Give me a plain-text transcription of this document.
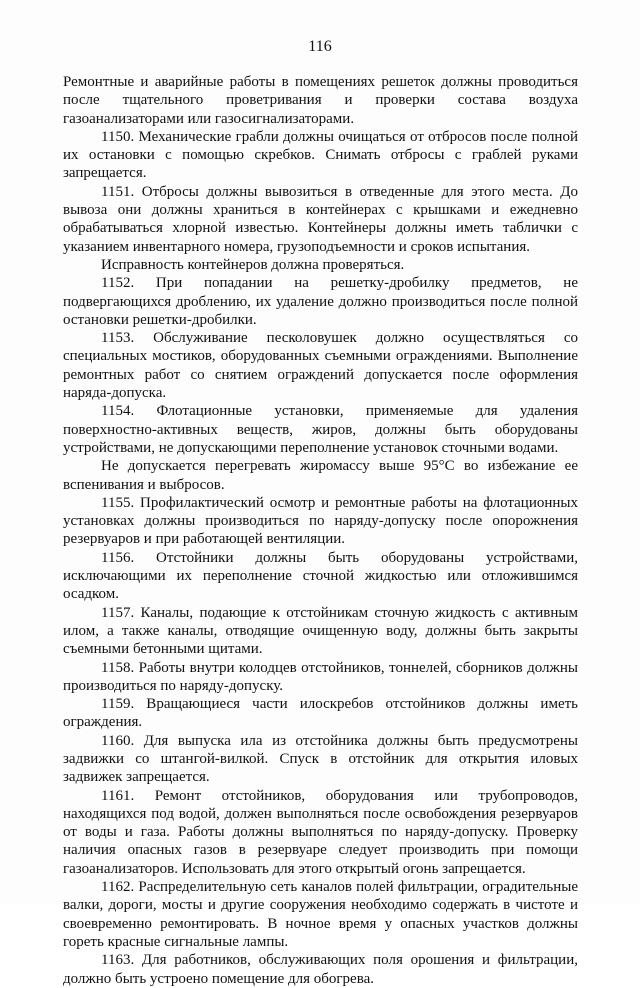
116

Ремонтные и аварийные работы в помещениях решеток должны проводиться после тщательного проветривания и проверки состава воздуха газоанализаторами или газосигнализаторами.

1150. Механические грабли должны очищаться от отбросов после полной их остановки с помощью скребков. Снимать отбросы с граблей руками запрещается.

1151. Отбросы должны вывозиться в отведенные для этого места. До вывоза они должны храниться в контейнерах с крышками и ежедневно обрабатываться хлорной известью. Контейнеры должны иметь таблички с указанием инвентарного номера, грузоподъемности и сроков испытания.

Исправность контейнеров должна проверяться.

1152. При попадании на решетку-дробилку предметов, не подвергающихся дроблению, их удаление должно производиться после полной остановки решетки-дробилки.

1153. Обслуживание песколовушек должно осуществляться со специальных мостиков, оборудованных съемными ограждениями. Выполнение ремонтных работ со снятием ограждений допускается после оформления наряда-допуска.

1154. Флотационные установки, применяемые для удаления поверхностно-активных веществ, жиров, должны быть оборудованы устройствами, не допускающими переполнение установок сточными водами.

Не допускается перегревать жиромассу выше 95°С во избежание ее вспенивания и выбросов.

1155. Профилактический осмотр и ремонтные работы на флотационных установках должны производиться по наряду-допуску после опорожнения резервуаров и при работающей вентиляции.

1156. Отстойники должны быть оборудованы устройствами, исключающими их переполнение сточной жидкостью или отложившимся осадком.

1157. Каналы, подающие к отстойникам сточную жидкость с активным илом, а также каналы, отводящие очищенную воду, должны быть закрыты съемными бетонными щитами.

1158. Работы внутри колодцев отстойников, тоннелей, сборников должны производиться по наряду-допуску.

1159. Вращающиеся части илоскребов отстойников должны иметь ограждения.

1160. Для выпуска ила из отстойника должны быть предусмотрены задвижки со штангой-вилкой. Спуск в отстойник для открытия иловых задвижек запрещается.

1161. Ремонт отстойников, оборудования или трубопроводов, находящихся под водой, должен выполняться после освобождения резервуаров от воды и газа. Работы должны выполняться по наряду-допуску. Проверку наличия опасных газов в резервуаре следует производить при помощи газоанализаторов. Использовать для этого открытый огонь запрещается.

1162. Распределительную сеть каналов полей фильтрации, оградительные валки, дороги, мосты и другие сооружения необходимо содержать в чистоте и своевременно ремонтировать. В ночное время у опасных участков должны гореть красные сигнальные лампы.

1163. Для работников, обслуживающих поля орошения и фильтрации, должно быть устроено помещение для обогрева.
